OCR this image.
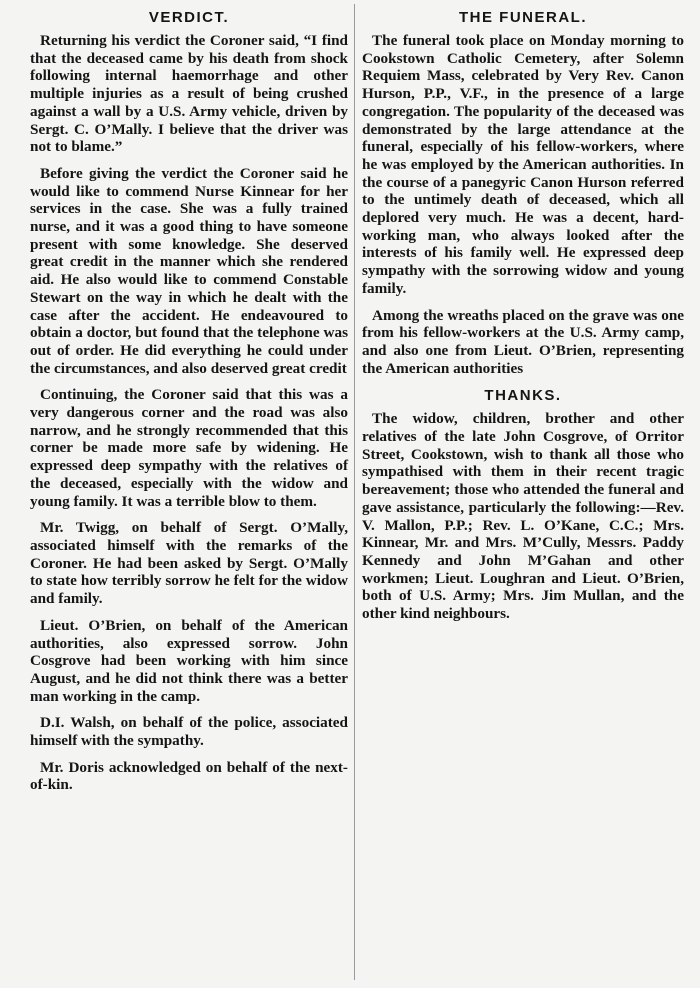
VERDICT.

Returning his verdict the Coroner said, “I find that the deceased came by his death from shock following internal haemorrhage and other multiple injuries as a result of being crushed against a wall by a U.S. Army vehicle, driven by Sergt. C. O’Mally. I believe that the driver was not to blame.”

Before giving the verdict the Coroner said he would like to commend Nurse Kinnear for her services in the case. She was a fully trained nurse, and it was a good thing to have someone present with some knowledge. She deserved great credit in the manner which she rendered aid. He also would like to commend Constable Stewart on the way in which he dealt with the case after the accident. He endeavoured to obtain a doctor, but found that the telephone was out of order. He did everything he could under the circumstances, and also deserved great credit

Continuing, the Coroner said that this was a very dangerous corner and the road was also narrow, and he strongly recommended that this corner be made more safe by widening. He expressed deep sympathy with the relatives of the deceased, especially with the widow and young family. It was a terrible blow to them.

Mr. Twigg, on behalf of Sergt. O’Mally, associated himself with the remarks of the Coroner. He had been asked by Sergt. O’Mally to state how terribly sorrow he felt for the widow and family.

Lieut. O’Brien, on behalf of the American authorities, also expressed sorrow. John Cosgrove had been working with him since August, and he did not think there was a better man working in the camp.

D.I. Walsh, on behalf of the police, associated himself with the sympathy.

Mr. Doris acknowledged on behalf of the next-of-kin.

THE FUNERAL.

The funeral took place on Monday morning to Cookstown Catholic Cemetery, after Solemn Requiem Mass, celebrated by Very Rev. Canon Hurson, P.P., V.F., in the presence of a large congregation. The popularity of the deceased was demonstrated by the large attendance at the funeral, especially of his fellow-workers, where he was employed by the American authorities. In the course of a panegyric Canon Hurson referred to the untimely death of deceased, which all deplored very much. He was a decent, hard-working man, who always looked after the interests of his family well. He expressed deep sympathy with the sorrowing widow and young family.

Among the wreaths placed on the grave was one from his fellow-workers at the U.S. Army camp, and also one from Lieut. O’Brien, representing the American authorities

THANKS.

The widow, children, brother and other relatives of the late John Cosgrove, of Orritor Street, Cookstown, wish to thank all those who sympathised with them in their recent tragic bereavement; those who attended the funeral and gave assistance, particularly the following:—Rev. V. Mallon, P.P.; Rev. L. O’Kane, C.C.; Mrs. Kinnear, Mr. and Mrs. M’Cully, Messrs. Paddy Kennedy and John M’Gahan and other workmen; Lieut. Loughran and Lieut. O’Brien, both of U.S. Army; Mrs. Jim Mullan, and the other kind neighbours.
